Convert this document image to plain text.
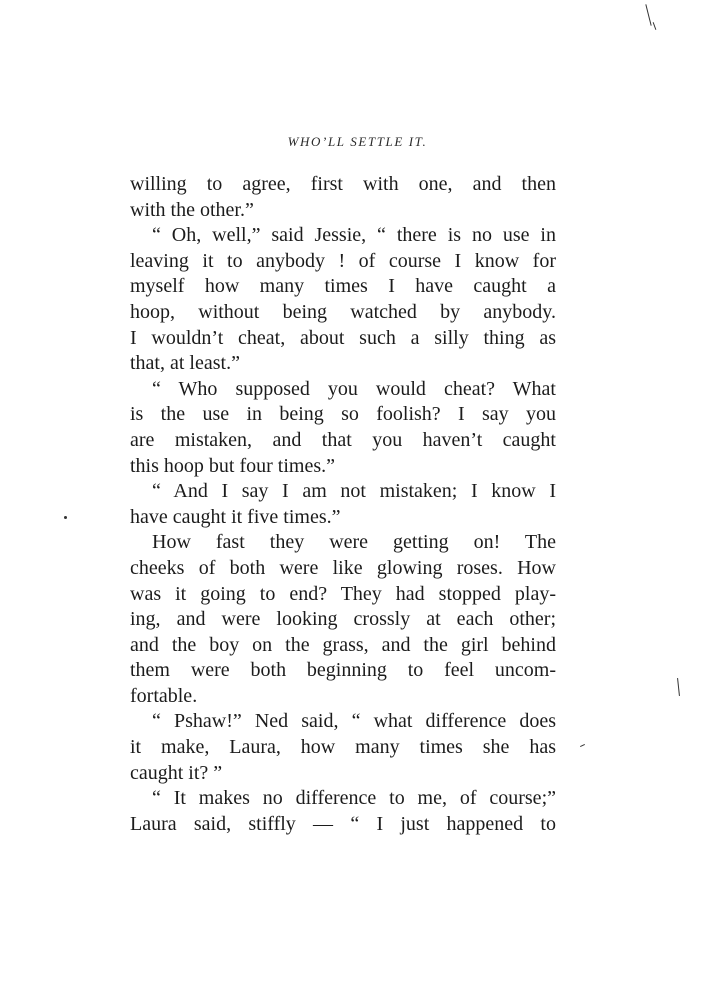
WHO’LL SETTLE IT.
willing to agree, first with one, and then
with the other.”
“ Oh, well,” said Jessie, “ there is no use in
leaving it to anybody ! of course I know for
myself how many times I have caught a
hoop, without being watched by anybody.
I wouldn’t cheat, about such a silly thing as
that, at least.”
“ Who supposed you would cheat? What
is the use in being so foolish? I say you
are mistaken, and that you haven’t caught
this hoop but four times.”
“ And I say I am not mistaken; I know I
have caught it five times.”
How fast they were getting on! The
cheeks of both were like glowing roses. How
was it going to end? They had stopped play-
ing, and were looking crossly at each other;
and the boy on the grass, and the girl behind
them were both beginning to feel uncom-
fortable.
“ Pshaw!” Ned said, “ what difference does
it make, Laura, how many times she has
caught it? ”
“ It makes no difference to me, of course;”
Laura said, stiffly — “ I just happened to
